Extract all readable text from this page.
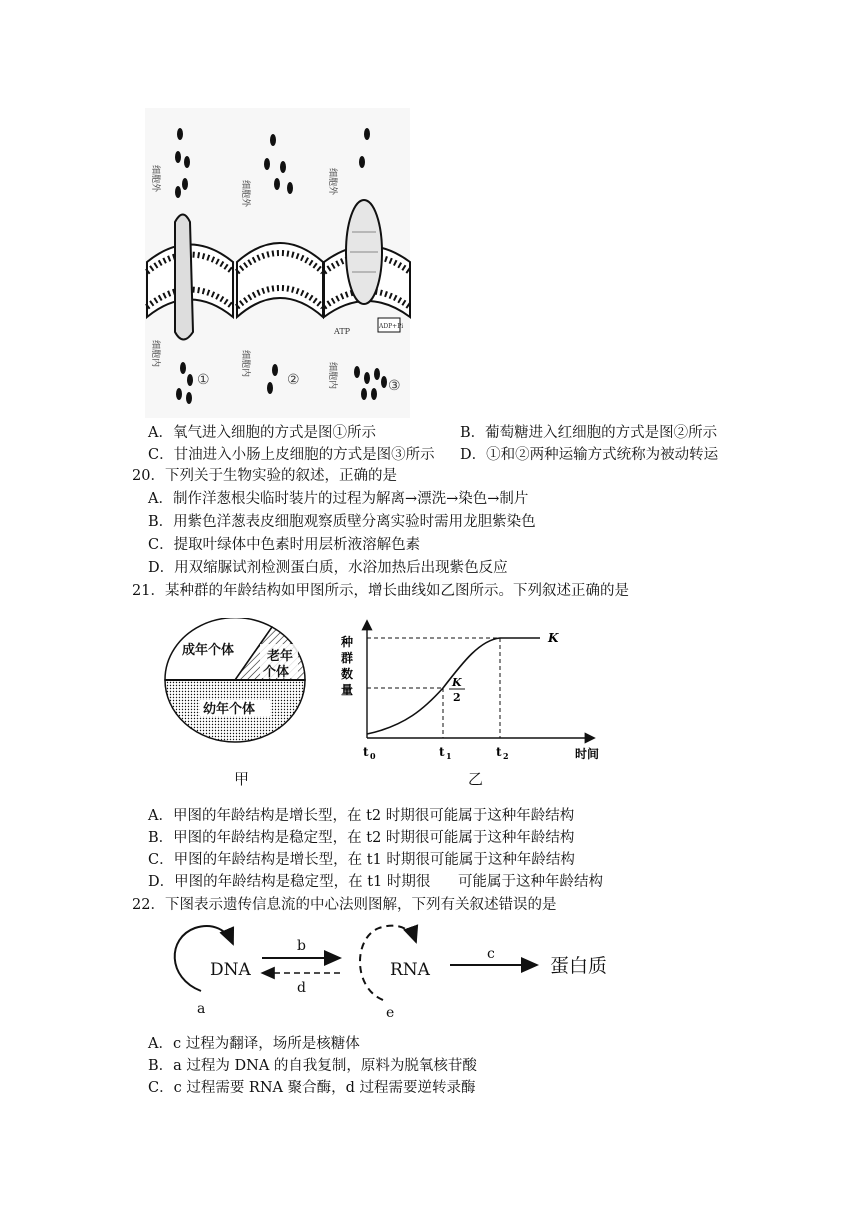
细胞外
细胞内
①
细胞外
细胞内
②
细胞外
细胞内
ATP
ADP+Pi
③
A．氧气进入细胞的方式是图①所示	B．葡萄糖进入红细胞的方式是图②所示
C．甘油进入小肠上皮细胞的方式是图③所示 D．①和②两种运输方式统称为被动转运
20．下列关于生物实验的叙述，正确的是
A．制作洋葱根尖临时装片的过程为解离→漂洗→染色→制片
B．用紫色洋葱表皮细胞观察质壁分离实验时需用龙胆紫染色
C．提取叶绿体中色素时用层析液溶解色素
D．用双缩脲试剂检测蛋白质，水浴加热后出现紫色反应
21．某种群的年龄结构如甲图所示，增长曲线如乙图所示。下列叙述正确的是
成年个体	老年
个体
幼年个体
甲
种
群
数
量
K
K
2
t 0	t 1	t 2	时间
乙
A．甲图的年龄结构是增长型，在 t2 时期很可能属于这种年龄结构
B．甲图的年龄结构是稳定型，在 t2 时期很可能属于这种年龄结构
C．甲图的年龄结构是增长型，在 t1 时期很可能属于这种年龄结构
D．甲图的年龄结构是稳定型，在 t1 时期很      可能属于这种年龄结构
22．下图表示遗传信息流的中心法则图解，下列有关叙述错误的是
a
DNA
b
d
e
RNA
c
蛋白质
A．c 过程为翻译，场所是核糖体
B．a 过程为 DNA 的自我复制，原料为脱氧核苷酸
C．c 过程需要 RNA 聚合酶，d 过程需要逆转录酶
